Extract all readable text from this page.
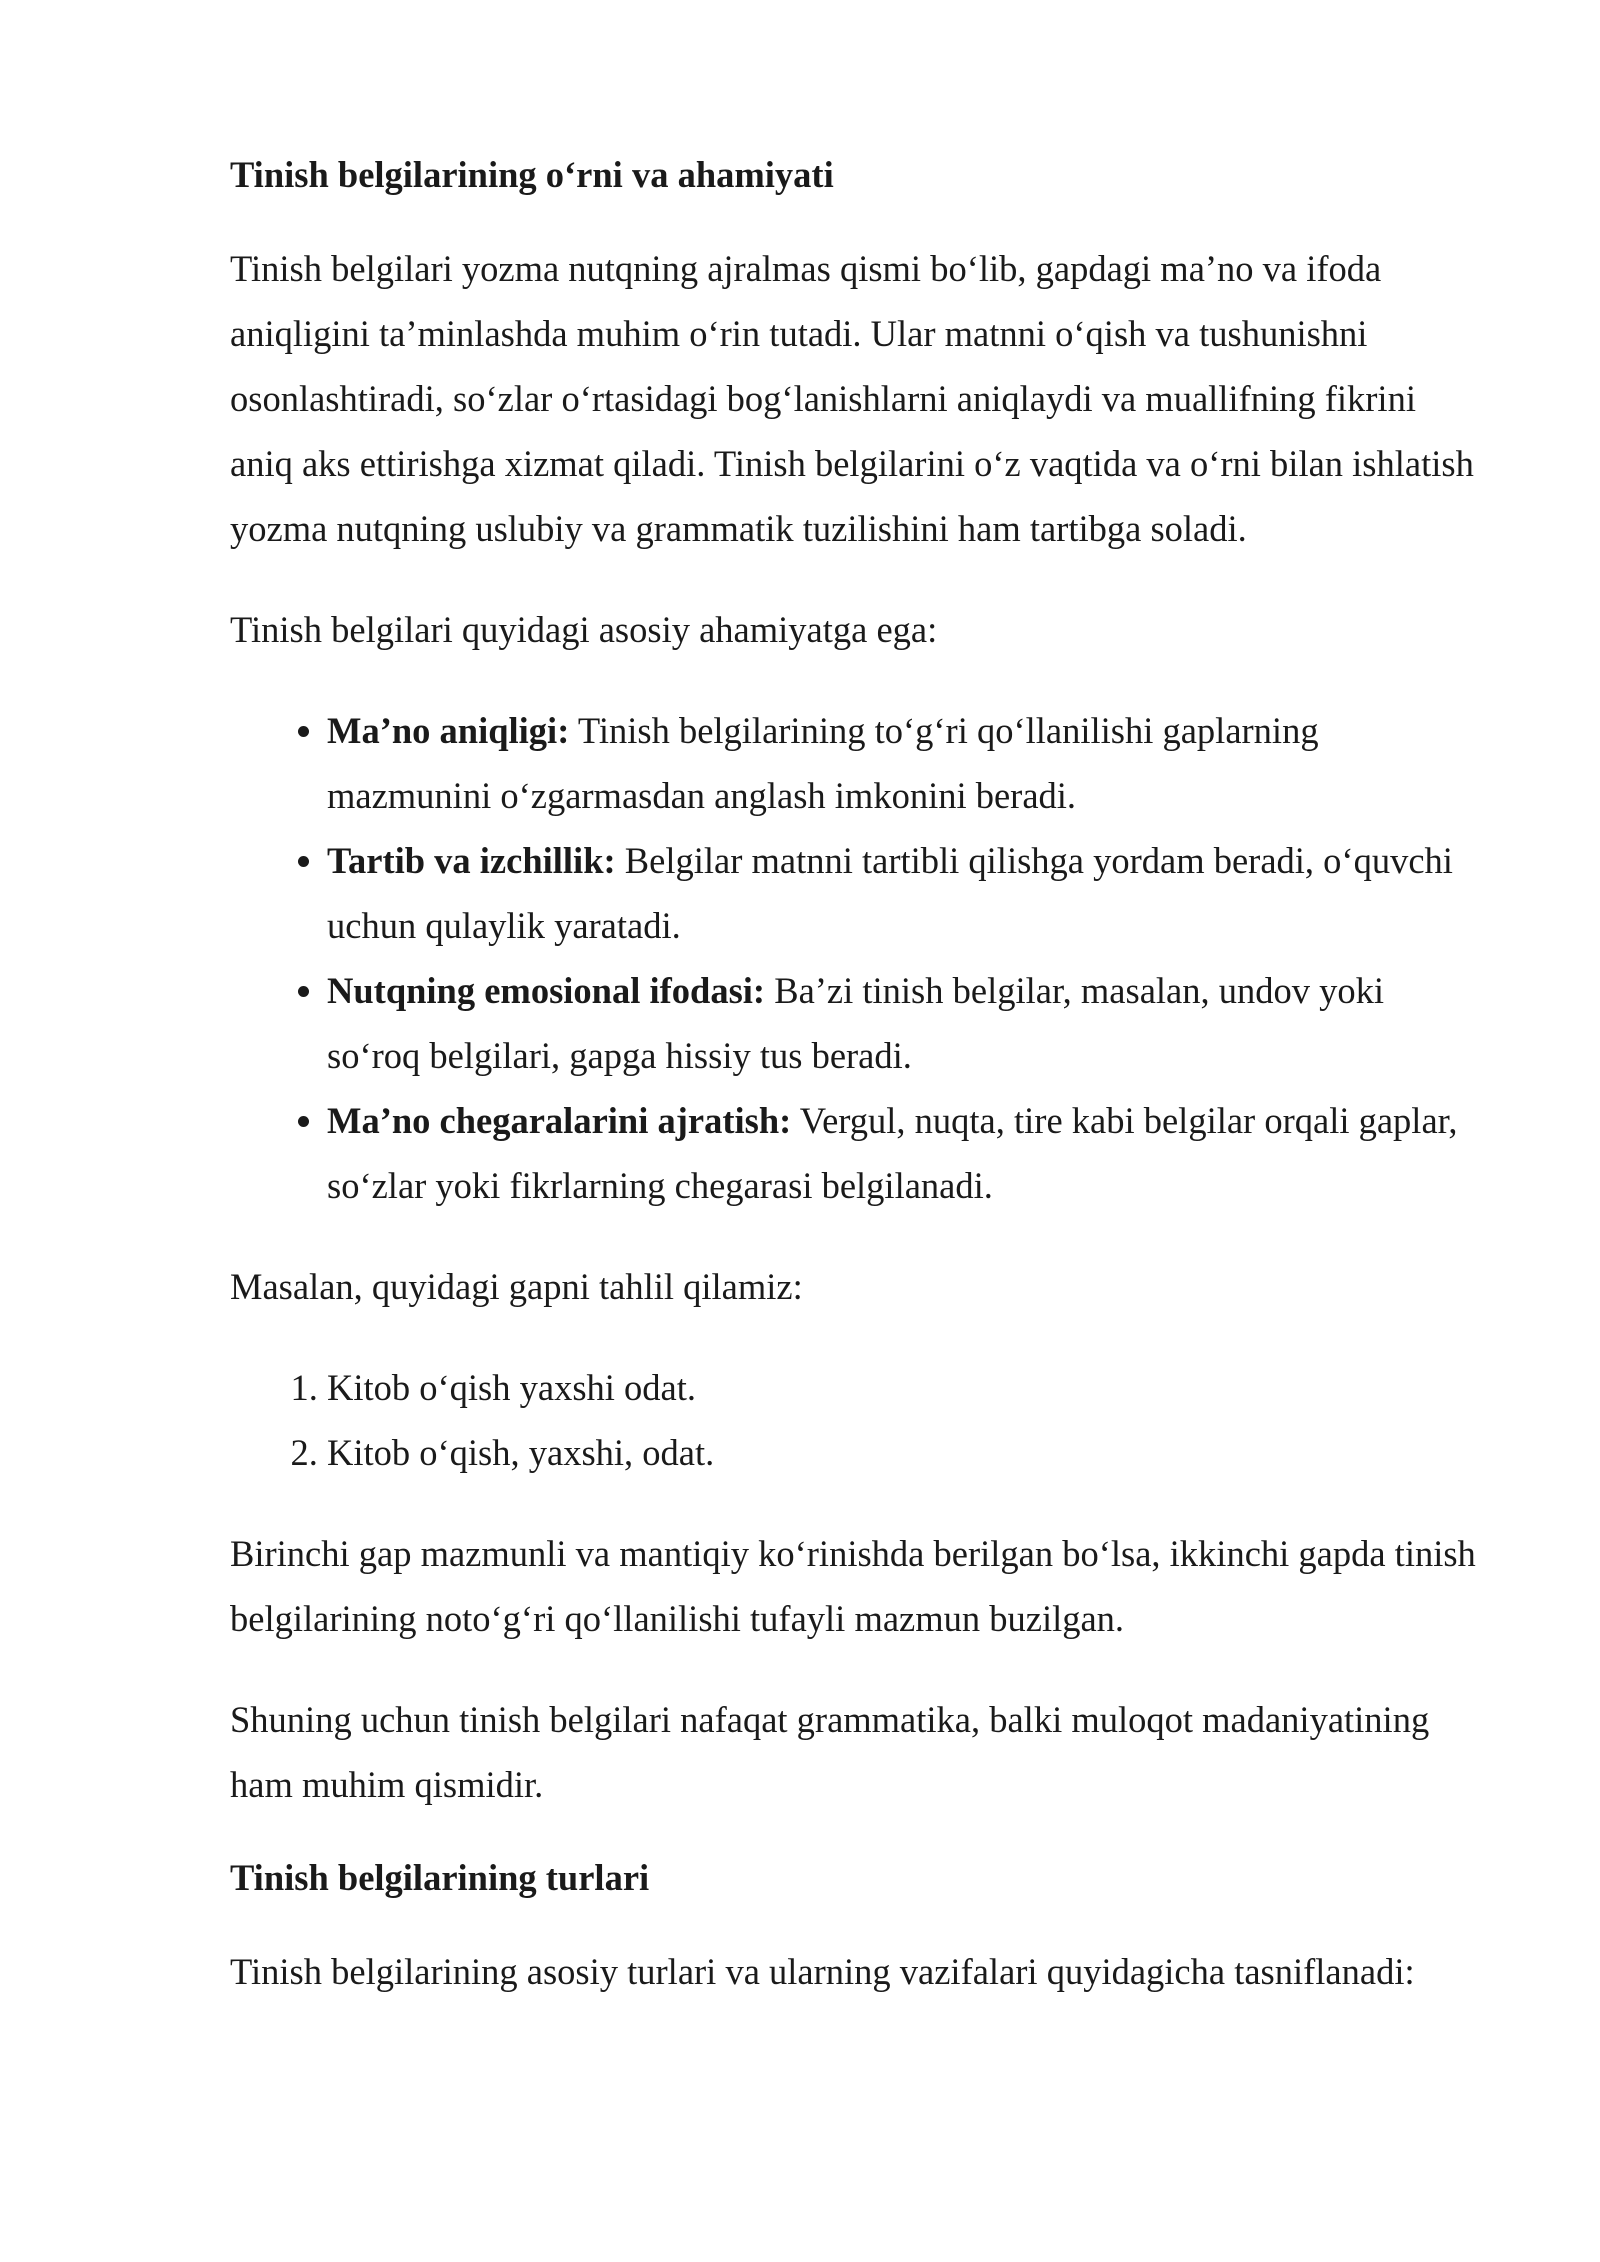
Tinish belgilarining o‘rni va ahamiyati

Tinish belgilari yozma nutqning ajralmas qismi bo‘lib, gapdagi ma’no va ifoda aniqligini ta’minlashda muhim o‘rin tutadi. Ular matnni o‘qish va tushunishni osonlashtiradi, so‘zlar o‘rtasidagi bog‘lanishlarni aniqlaydi va muallifning fikrini aniq aks ettirishga xizmat qiladi. Tinish belgilarini o‘z vaqtida va o‘rni bilan ishlatish yozma nutqning uslubiy va grammatik tuzilishini ham tartibga soladi.

Tinish belgilari quyidagi asosiy ahamiyatga ega:

• Ma’no aniqligi: Tinish belgilarining to‘g‘ri qo‘llanilishi gaplarning mazmunini o‘zgarmasdan anglash imkonini beradi.
• Tartib va izchillik: Belgilar matnni tartibli qilishga yordam beradi, o‘quvchi uchun qulaylik yaratadi.
• Nutqning emosional ifodasi: Ba’zi tinish belgilar, masalan, undov yoki so‘roq belgilari, gapga hissiy tus beradi.
• Ma’no chegaralarini ajratish: Vergul, nuqta, tire kabi belgilar orqali gaplar, so‘zlar yoki fikrlarning chegarasi belgilanadi.

Masalan, quyidagi gapni tahlil qilamiz:

1. Kitob o‘qish yaxshi odat.
2. Kitob o‘qish, yaxshi, odat.

Birinchi gap mazmunli va mantiqiy ko‘rinishda berilgan bo‘lsa, ikkinchi gapda tinish belgilarining noto‘g‘ri qo‘llanilishi tufayli mazmun buzilgan.

Shuning uchun tinish belgilari nafaqat grammatika, balki muloqot madaniyatining ham muhim qismidir.

Tinish belgilarining turlari

Tinish belgilarining asosiy turlari va ularning vazifalari quyidagicha tasniflanadi:
